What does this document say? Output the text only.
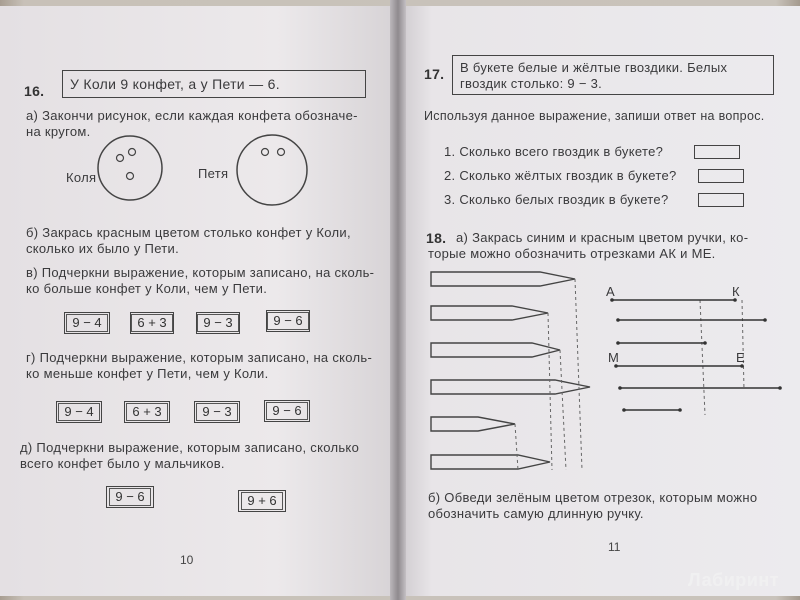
16. У Коли 9 конфет, а у Пети — 6.
а) Закончи рисунок, если каждая конфета обозначе-
на кругом.
Коля	Петя
б) Закрась красным цветом столько конфет у Коли,
сколько их было у Пети.
в) Подчеркни выражение, которым записано, на сколь-
ко больше конфет у Коли, чем у Пети.
9 − 4	6 + 3	9 − 3	9 − 6
г) Подчеркни выражение, которым записано, на сколь-
ко меньше конфет у Пети, чем у Коли.
9 − 4	6 + 3	9 − 3	9 − 6
д) Подчеркни выражение, которым записано, сколько
всего конфет было у мальчиков.
9 − 6	9 + 6
10
17. В букете белые и жёлтые гвоздики. Белых
гвоздик столько: 9 − 3.
Используя данное выражение, запиши ответ на вопрос.
1. Сколько всего гвоздик в букете?
2. Сколько жёлтых гвоздик в букете?
3. Сколько белых гвоздик в букете?
18. а) Закрась синим и красным цветом ручки, ко-
торые можно обозначить отрезками АК и МЕ.
А	К
М	Е
б) Обведи зелёным цветом отрезок, которым можно
обозначить самую длинную ручку.
11
Лабиринт
